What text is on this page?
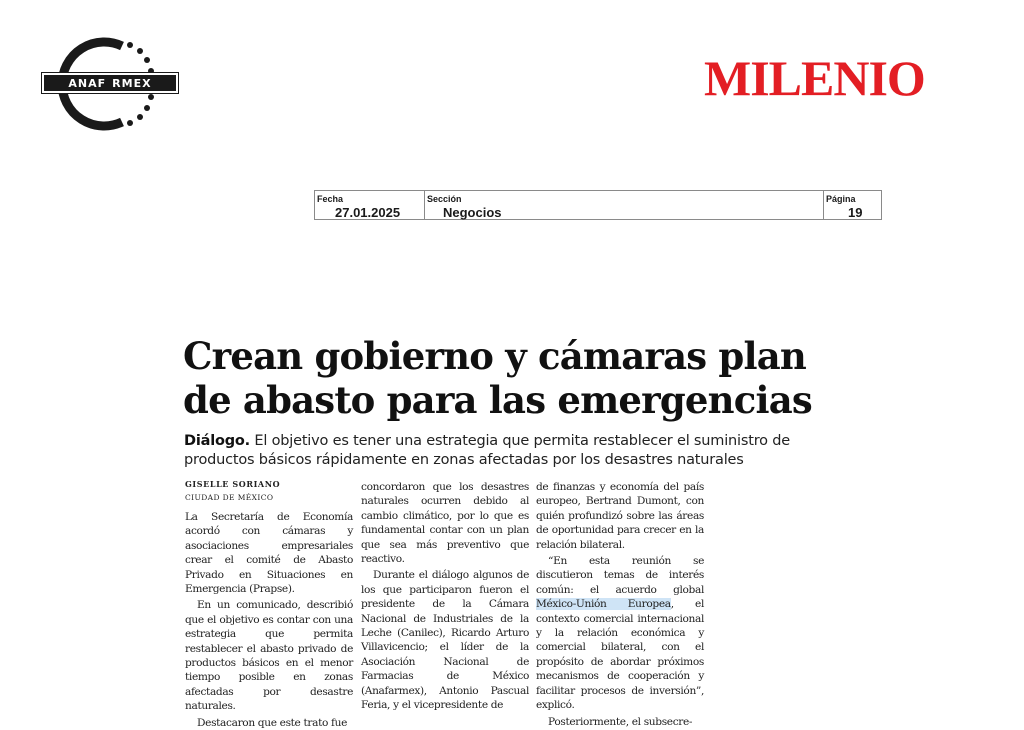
ANAF RMEX	MILENIO
Fecha
27.01.2025
Sección
Negocios
Página
19
Crean gobierno y cámaras plan
de abasto para las emergencias
Diálogo. El objetivo es tener una estrategia que permita restablecer el suministro de productos básicos rápidamente en zonas afectadas por los desastres naturales
GISELLE SORIANO
CIUDAD DE MÉXICO

La Secretaría de Economía acordó con cámaras y asociaciones empresariales crear el comité de Abasto Privado en Situaciones en Emergencia (Prapse).

En un comunicado, describió que el objetivo es contar con una estrategia que permita restablecer el abasto privado de productos básicos en el menor tiempo posible en zonas afectadas por desastre naturales.

Destacaron que este trato fue

concordaron que los desastres naturales ocurren debido al cambio climático, por lo que es fundamental contar con un plan que sea más preventivo que reactivo.

Durante el diálogo algunos de los que participaron fueron el presidente de la Cámara Nacional de Industriales de la Leche (Canilec), Ricardo Arturo Villavicencio; el líder de la Asociación Nacional de Farmacias de México (Anafarmex), Antonio Pascual Feria, y el vicepresidente de

de finanzas y economía del país europeo, Bertrand Dumont, con quién profundizó sobre las áreas de oportunidad para crecer en la relación bilateral.

“En esta reunión se discutieron temas de interés común: el acuerdo global México-Unión Europea, el contexto comercial internacional y la relación económica y comercial bilateral, con el propósito de abordar próximos mecanismos de cooperación y facilitar procesos de inversión”, explicó.

Posteriormente, el subsecre-
